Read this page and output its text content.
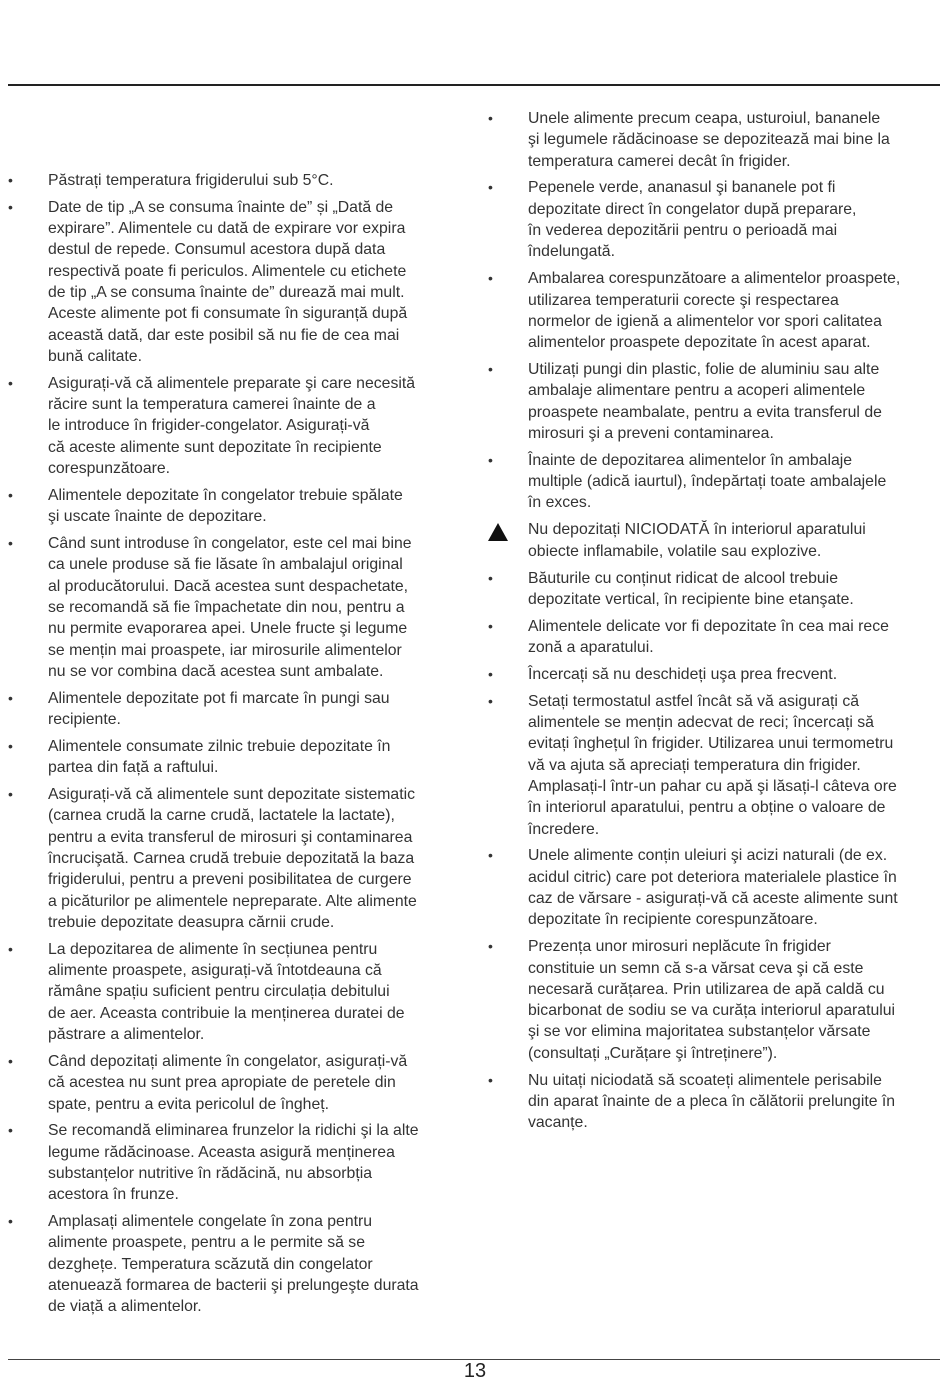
•	Păstrați temperatura frigiderului sub 5°C.
•	Date de tip „A se consuma înainte de” și „Dată de
expirare”. Alimentele cu dată de expirare vor expira
destul de repede. Consumul acestora după data
respectivă poate fi periculos. Alimentele cu etichete
de tip „A se consuma înainte de” durează mai mult.
Aceste alimente pot fi consumate în siguranță după
această dată, dar este posibil să nu fie de cea mai
bună calitate.
•	Asigurați-vă că alimentele preparate şi care necesită
răcire sunt la temperatura camerei înainte de a
le introduce în frigider-congelator. Asigurați-vă
că aceste alimente sunt depozitate în recipiente
corespunzătoare.
•	Alimentele depozitate în congelator trebuie spălate
şi uscate înainte de depozitare.
•	Când sunt introduse în congelator, este cel mai bine
ca unele produse să fie lăsate în ambalajul original
al producătorului. Dacă acestea sunt despachetate,
se recomandă să fie împachetate din nou, pentru a
nu permite evaporarea apei. Unele fructe şi legume
se mențin mai proaspete, iar mirosurile alimentelor
nu se vor combina dacă acestea sunt ambalate.
•	Alimentele depozitate pot fi marcate în pungi sau
recipiente.
•	Alimentele consumate zilnic trebuie depozitate în
partea din față a raftului.
•	Asigurați-vă că alimentele sunt depozitate sistematic
(carnea crudă la carne crudă, lactatele la lactate),
pentru a evita transferul de mirosuri şi contaminarea
încrucişată. Carnea crudă trebuie depozitată la baza
frigiderului, pentru a preveni posibilitatea de curgere
a picăturilor pe alimentele nepreparate. Alte alimente
trebuie depozitate deasupra cărnii crude.
•	La depozitarea de alimente în secțiunea pentru
alimente proaspete, asigurați-vă întotdeauna că
rămâne spațiu suficient pentru circulația debitului
de aer. Aceasta contribuie la menținerea duratei de
păstrare a alimentelor.
•	Când depozitați alimente în congelator, asigurați-vă
că acestea nu sunt prea apropiate de peretele din
spate, pentru a evita pericolul de îngheț.
•	Se recomandă eliminarea frunzelor la ridichi şi la alte
legume rădăcinoase. Aceasta asigură menținerea
substanțelor nutritive în rădăcină, nu absorbția
acestora în frunze.
•	Amplasați alimentele congelate în zona pentru
alimente proaspete, pentru a le permite să se
dezghețe. Temperatura scăzută din congelator
atenuează formarea de bacterii şi prelungeşte durata
de viață a alimentelor.
•	Unele alimente precum ceapa, usturoiul, bananele
şi legumele rădăcinoase se depozitează mai bine la
temperatura camerei decât în frigider.
•	Pepenele verde, ananasul şi bananele pot fi
depozitate direct în congelator după preparare,
în vederea depozitării pentru o perioadă mai
îndelungată.
•	Ambalarea corespunzătoare a alimentelor proaspete,
utilizarea temperaturii corecte şi respectarea
normelor de igienă a alimentelor vor spori calitatea
alimentelor proaspete depozitate în acest aparat.
•	Utilizați pungi din plastic, folie de aluminiu sau alte
ambalaje alimentare pentru a acoperi alimentele
proaspete neambalate, pentru a evita transferul de
mirosuri şi a preveni contaminarea.
•	Înainte de depozitarea alimentelor în ambalaje
multiple (adică iaurtul), îndepărtați toate ambalajele
în exces.
Nu depozitați NICIODATĂ în interiorul aparatului
obiecte inflamabile, volatile sau explozive.
•	Băuturile cu conținut ridicat de alcool trebuie
depozitate vertical, în recipiente bine etanşate.
•	Alimentele delicate vor fi depozitate în cea mai rece
zonă a aparatului.
•	Încercați să nu deschideți uşa prea frecvent.
•	Setați termostatul astfel încât să vă asigurați că
alimentele se mențin adecvat de reci; încercați să
evitați înghețul în frigider. Utilizarea unui termometru
vă va ajuta să apreciați temperatura din frigider.
Amplasați-l într-un pahar cu apă şi lăsați-l câteva ore
în interiorul aparatului, pentru a obține o valoare de
încredere.
•	Unele alimente conțin uleiuri şi acizi naturali (de ex.
acidul citric) care pot deteriora materialele plastice în
caz de vărsare - asigurați-vă că aceste alimente sunt
depozitate în recipiente corespunzătoare.
•	Prezența unor mirosuri neplăcute în frigider
constituie un semn că s-a vărsat ceva şi că este
necesară curățarea. Prin utilizarea de apă caldă cu
bicarbonat de sodiu se va curăța interiorul aparatului
şi se vor elimina majoritatea substanțelor vărsate
(consultați „Curățare şi întreținere”).
•	Nu uitați niciodată să scoateți alimentele perisabile
din aparat înainte de a pleca în călătorii prelungite în
vacanțe.
13
